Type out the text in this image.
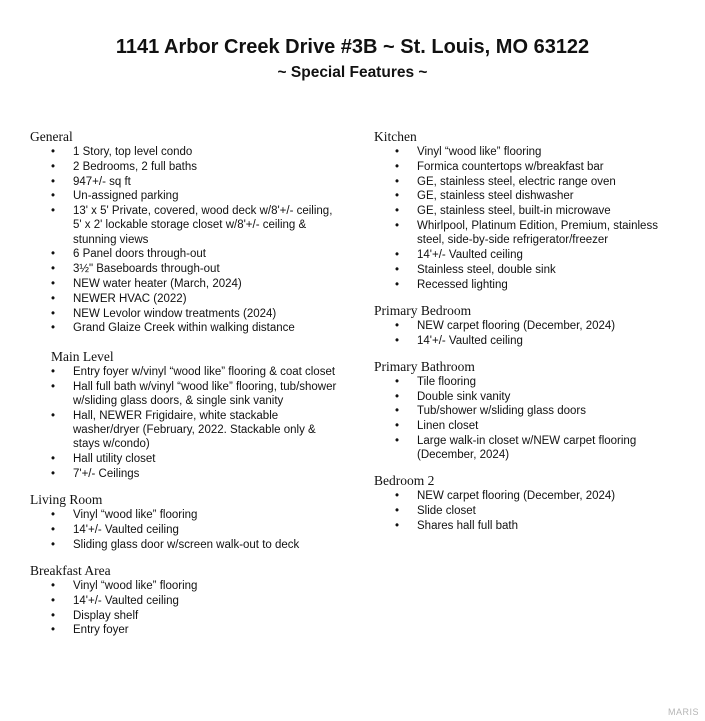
1141 Arbor Creek Drive #3B ~ St. Louis, MO 63122
~ Special Features ~
General
• 1 Story, top level condo
• 2 Bedrooms, 2 full baths
• 947+/- sq ft
• Un-assigned parking
• 13' x 5' Private, covered, wood deck w/8'+/- ceiling, 5' x 2' lockable storage closet w/8'+/- ceiling & stunning views
• 6 Panel doors through-out
• 3½" Baseboards through-out
• NEW water heater (March, 2024)
• NEWER HVAC (2022)
• NEW Levolor window treatments (2024)
• Grand Glaize Creek within walking distance
Main Level
• Entry foyer w/vinyl “wood like” flooring & coat closet
• Hall full bath w/vinyl “wood like” flooring, tub/shower w/sliding glass doors, & single sink vanity
• Hall, NEWER Frigidaire, white stackable washer/dryer (February, 2022. Stackable only & stays w/condo)
• Hall utility closet
• 7'+/- Ceilings
Living Room
• Vinyl “wood like” flooring
• 14'+/- Vaulted ceiling
• Sliding glass door w/screen walk-out to deck
Breakfast Area
• Vinyl “wood like” flooring
• 14'+/- Vaulted ceiling
• Display shelf
• Entry foyer
Kitchen
• Vinyl “wood like” flooring
• Formica countertops w/breakfast bar
• GE, stainless steel, electric range oven
• GE, stainless steel dishwasher
• GE, stainless steel, built-in microwave
• Whirlpool, Platinum Edition, Premium, stainless steel, side-by-side refrigerator/freezer
• 14'+/- Vaulted ceiling
• Stainless steel, double sink
• Recessed lighting
Primary Bedroom
• NEW carpet flooring (December, 2024)
• 14'+/- Vaulted ceiling
Primary Bathroom
• Tile flooring
• Double sink vanity
• Tub/shower w/sliding glass doors
• Linen closet
• Large walk-in closet w/NEW carpet flooring (December, 2024)
Bedroom 2
• NEW carpet flooring (December, 2024)
• Slide closet
• Shares hall full bath
MARIS
